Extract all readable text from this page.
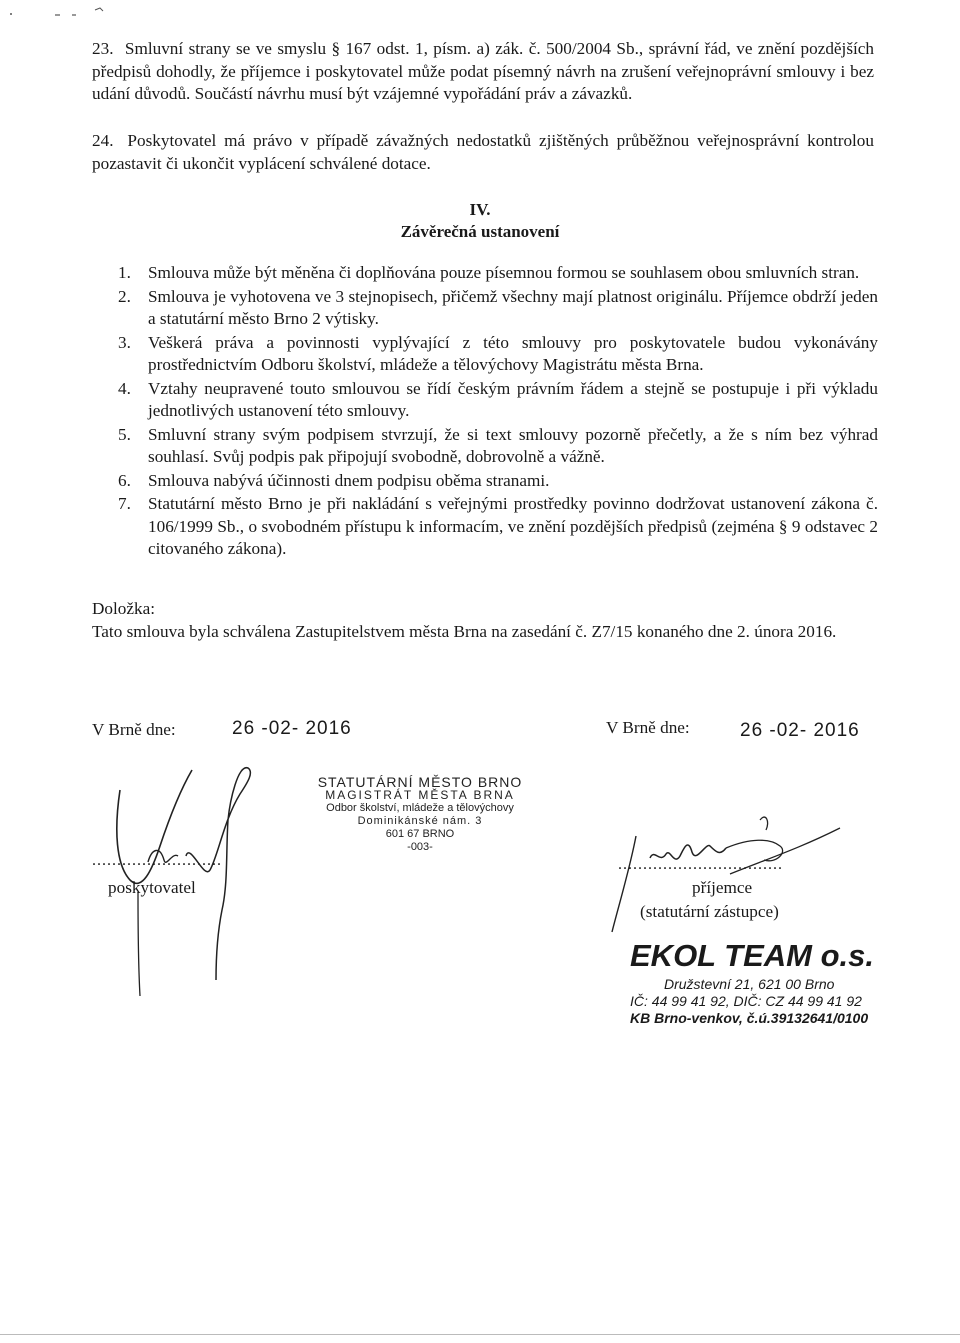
23. Smluvní strany se ve smyslu § 167 odst. 1, písm. a) zák. č. 500/2004 Sb., správní řád, ve znění pozdějších předpisů dohodly, že příjemce i poskytovatel může podat písemný návrh na zrušení veřejnoprávní smlouvy i bez udání důvodů. Součástí návrhu musí být vzájemné vypořádání práv a závazků.
24. Poskytovatel má právo v případě závažných nedostatků zjištěných průběžnou veřejnosprávní kontrolou pozastavit či ukončit vyplácení schválené dotace.
IV.
Závěrečná ustanovení
1. Smlouva může být měněna či doplňována pouze písemnou formou se souhlasem obou smluvních stran.
2. Smlouva je vyhotovena ve 3 stejnopisech, přičemž všechny mají platnost originálu. Příjemce obdrží jeden a statutární město Brno 2 výtisky.
3. Veškerá práva a povinnosti vyplývající z této smlouvy pro poskytovatele budou vykonávány prostřednictvím Odboru školství, mládeže a tělovýchovy Magistrátu města Brna.
4. Vztahy neupravené touto smlouvou se řídí českým právním řádem a stejně se postupuje i při výkladu jednotlivých ustanovení této smlouvy.
5. Smluvní strany svým podpisem stvrzují, že si text smlouvy pozorně přečetly, a že s ním bez výhrad souhlasí. Svůj podpis pak připojují svobodně, dobrovolně a vážně.
6. Smlouva nabývá účinnosti dnem podpisu oběma stranami.
7. Statutární město Brno je při nakládání s veřejnými prostředky povinno dodržovat ustanovení zákona č. 106/1999 Sb., o svobodném přístupu k informacím, ve znění pozdějších předpisů (zejména § 9 odstavec 2 citovaného zákona).
Doložka:
Tato smlouva byla schválena Zastupitelstvem města Brna na zasedání č. Z7/15 konaného dne 2. února 2016.
V Brně dne:	26 -02- 2016
STATUTÁRNÍ MĚSTO BRNO
MAGISTRÁT MĚSTA BRNA
Odbor školství, mládeže a tělovýchovy
Dominikánské nám. 3
601 67 BRNO
-003-
..........................
poskytovatel
V Brně dne:	26 -02- 2016
.................................
příjemce
(statutární zástupce)
EKOL TEAM o.s.
Družstevní 21, 621 00 Brno
IČ: 44 99 41 92, DIČ: CZ 44 99 41 92
KB Brno-venkov, č.ú.39132641/0100
